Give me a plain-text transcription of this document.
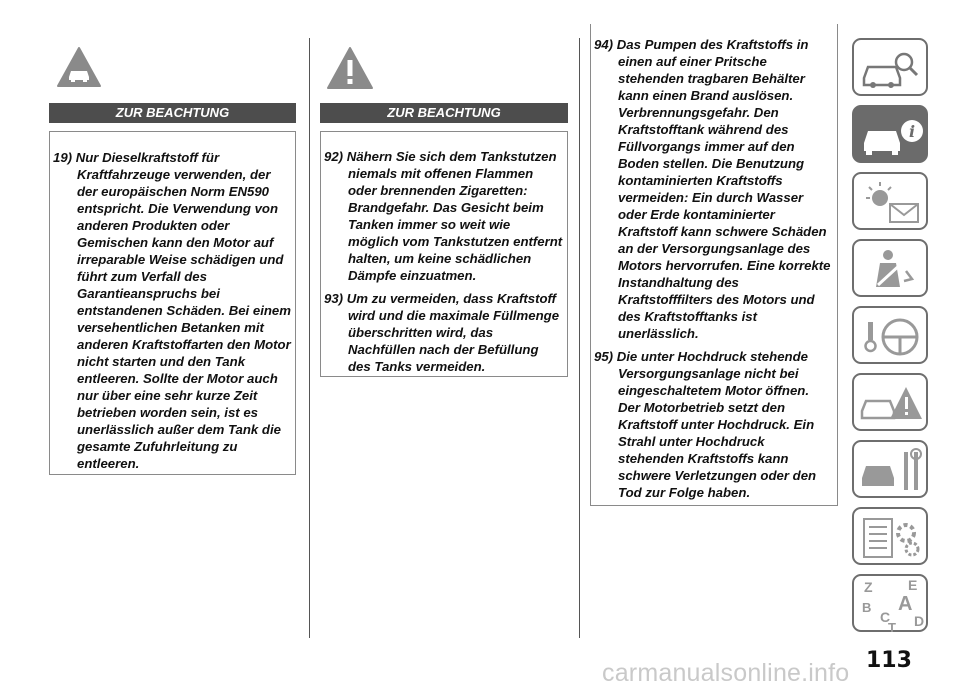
ZUR BEACHTUNG

19) Nur Dieselkraftstoff für Kraftfahrzeuge verwenden, der der europäischen Norm EN590 entspricht. Die Verwendung von anderen Produkten oder Gemischen kann den Motor auf irreparable Weise schädigen und führt zum Verfall des Garantieanspruchs bei entstandenen Schäden. Bei einem versehentlichen Betanken mit anderen Kraftstoffarten den Motor nicht starten und den Tank entleeren. Sollte der Motor auch nur über eine sehr kurze Zeit betrieben worden sein, ist es unerlässlich außer dem Tank die gesamte Zufuhrleitung zu entleeren.

ZUR BEACHTUNG

92) Nähern Sie sich dem Tankstutzen niemals mit offenen Flammen oder brennenden Zigaretten: Brandgefahr. Das Gesicht beim Tanken immer so weit wie möglich vom Tankstutzen entfernt halten, um keine schädlichen Dämpfe einzuatmen.

93) Um zu vermeiden, dass Kraftstoff wird und die maximale Füllmenge überschritten wird, das Nachfüllen nach der Befüllung des Tanks vermeiden.

94) Das Pumpen des Kraftstoffs in einen auf einer Pritsche stehenden tragbaren Behälter kann einen Brand auslösen. Verbrennungsgefahr. Den Kraftstofftank während des Füllvorgangs immer auf den Boden stellen. Die Benutzung kontaminierten Kraftstoffs vermeiden: Ein durch Wasser oder Erde kontaminierter Kraftstoff kann schwere Schäden an der Versorgungsanlage des Motors hervorrufen. Eine korrekte Instandhaltung des Kraftstofffilters des Motors und des Kraftstofftanks ist unerlässlich.

95) Die unter Hochdruck stehende Versorgungsanlage nicht bei eingeschaltetem Motor öffnen. Der Motorbetrieb setzt den Kraftstoff unter Hochdruck. Ein Strahl unter Hochdruck stehenden Kraftstoffs kann schwere Verletzungen oder den Tod zur Folge haben.

i
Z	E
A
B
C
T D
113
carmanualsonline.info
